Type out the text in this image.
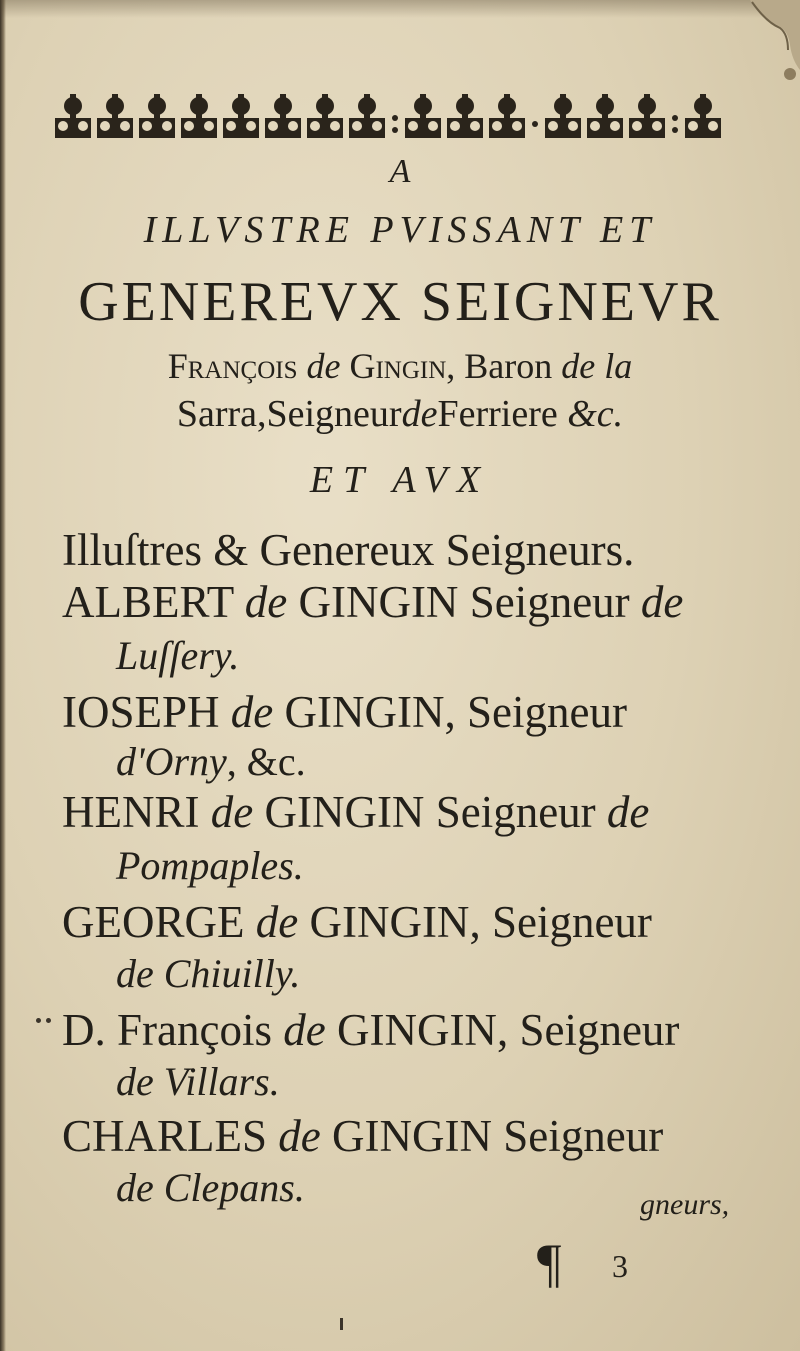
A
ILLVSTRE PVISSANT ET
GENEREVX SEIGNEVR
François de Gingin, Baron de la
Sarra,SeigneurdeFerriere &c.
ET AVX
Illuſtres & Genereux Seigneurs.
ALBERT de GINGIN Seigneur de
Luſſery.
IOSEPH de GINGIN, Seigneur
d'Orny, &c.
HENRI de GINGIN Seigneur de
Pompaples.
GEORGE de GINGIN, Seigneur
de Chiuilly.
D. François de GINGIN, Seigneur
de Villars.
CHARLES de GINGIN Seigneur
de Clepans.	gneurs,
¶ 3
